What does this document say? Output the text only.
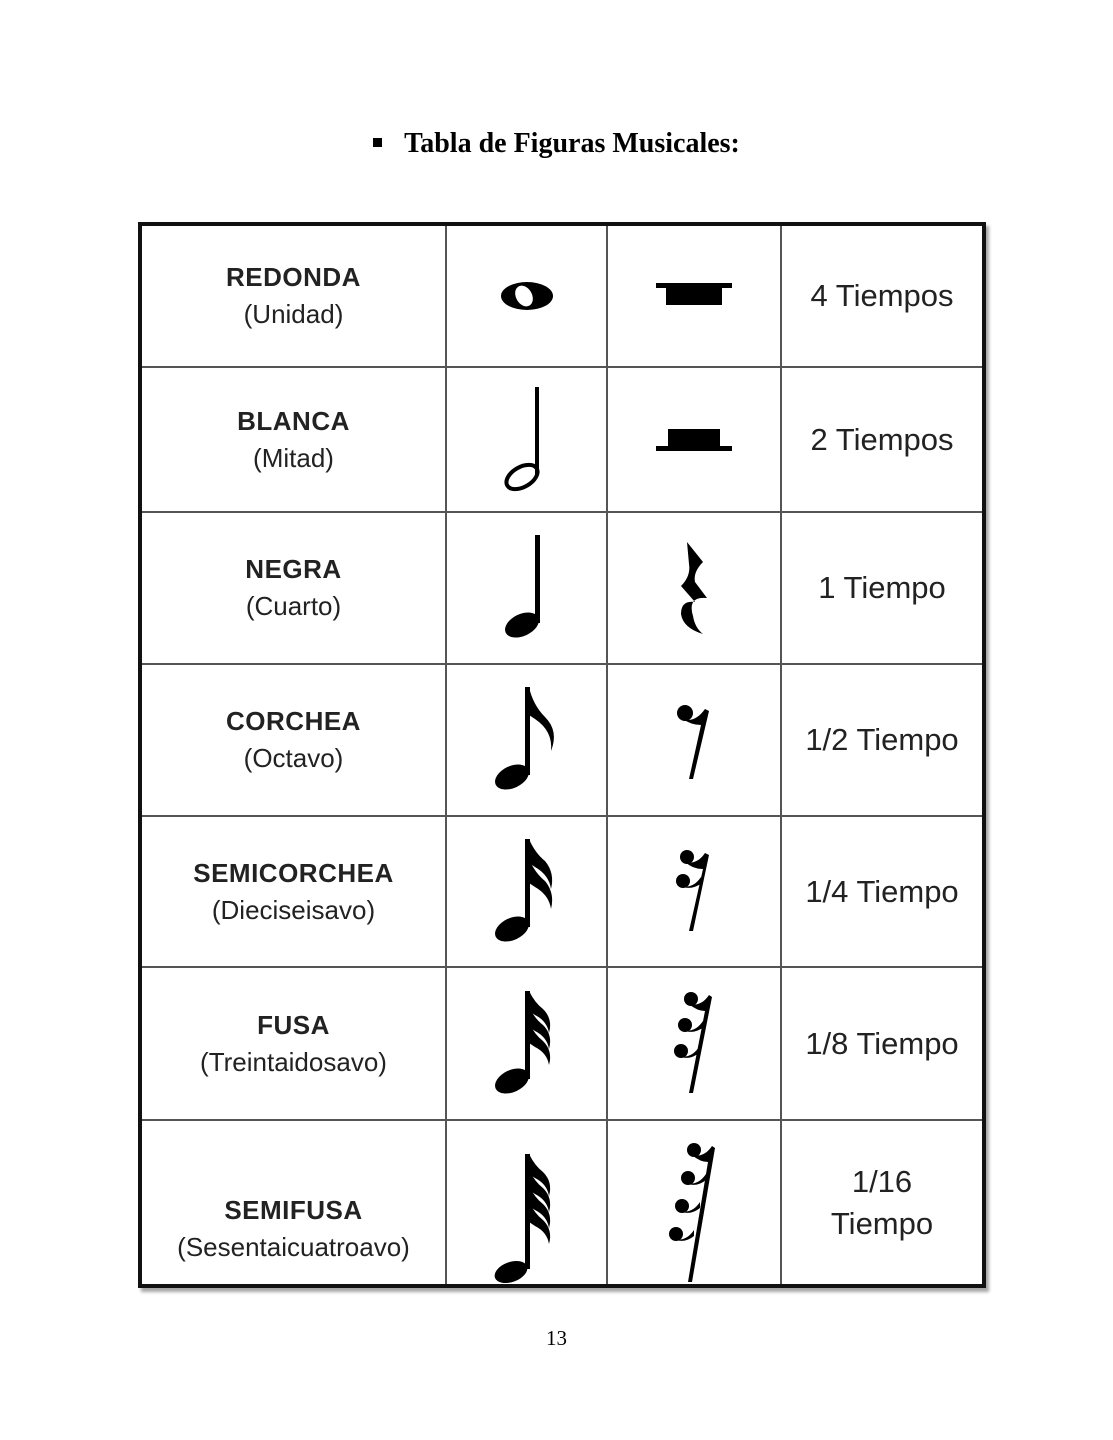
Tabla de Figuras Musicales:
REDONDA
(Unidad)
4 Tiempos
BLANCA
(Mitad)
2 Tiempos
NEGRA
(Cuarto)
1 Tiempo
CORCHEA
(Octavo)
1/2 Tiempo
SEMICORCHEA
(Dieciseisavo)
1/4 Tiempo
FUSA
(Treintaidosavo)
1/8 Tiempo
SEMIFUSA
(Sesentaicuatroavo)
1/16
Tiempo
13
